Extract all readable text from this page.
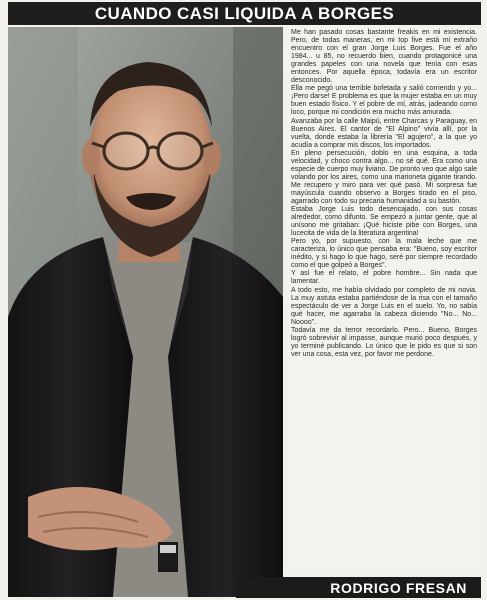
CUANDO CASI LIQUIDA A BORGES

Me han pasado cosas bastante freakis en mi existencia. Pero, de todas maneras, en mi top five está mi extraño encuentro con el gran Jorge Luis Borges. Fue el año 1984... u 85, no recuerdo bien, cuando protagonicé una grandes papeles con una novela que tenía con esas entonces. Por aquella época, todavía era un escritor desconocido.

Ella me pegó una terrible bofetada y salió corriendo y yo... ¡Pero darse! E problema es que la mujer estaba en un muy buen estado físico. Y el pobre de mí, atrás, jadeando como loco, porque mi condición era mucho más amurada.

Avanzaba por la calle Maipú, entre Charcas y Paraguay, en Buenos Aires. El cantor de "El Alpino" vivía allí, por la vuelta, donde estaba la librería "El agujero", a la que yo acudía a comprar mis discos, los importados.

En pleno persecución, doblo en una esquina, a toda velocidad, y choco contra algo... no sé qué. Era como una especie de cuerpo muy liviano. De pronto veo que algo sale volando por los aires, como una marioneta gigante tirando. Me recupero y miro para ver qué pasó. Mi sorpresa fue mayúscula cuando observo a Borges tirado en el piso, agarrado con todo su precaria humanidad a su bastón.

Estaba Jorge Luis todo desencajado, con sus cosas alrededor, como difunto. Se empezó a juntar gente, que al unísono me gritaban: ¡Qué hiciste pibe con Borges, una lucecita de vida de la literatura argentina!

Pero yo, por supuesto, con la mala leche que me caracteriza, lo único que pensaba era: "Bueno, soy escritor inédito, y si hago lo que hago, seré por siempre recordado como el que golpeó a Borges".

Y así fue el relato, el pobre hombre... Sin nada que lamentar.

A todo esto, me había olvidado por completo de mi novia. La muy astuta estaba partiéndose de la risa con el tamaño espectáculo de ver a Jorge Luis en el suelo. Yo, no sabía qué hacer, me agarraba la cabeza diciendo "No... No... Noooo".

Todavía me da terror recordarlo. Pero... Bueno, Borges logró sobrevivir al impasse, aunque murió poco después, y yo terminé publicando. Lo único que le pido es que si son ver una cosa, esta vez, por favor me perdone.

RODRIGO FRESAN
